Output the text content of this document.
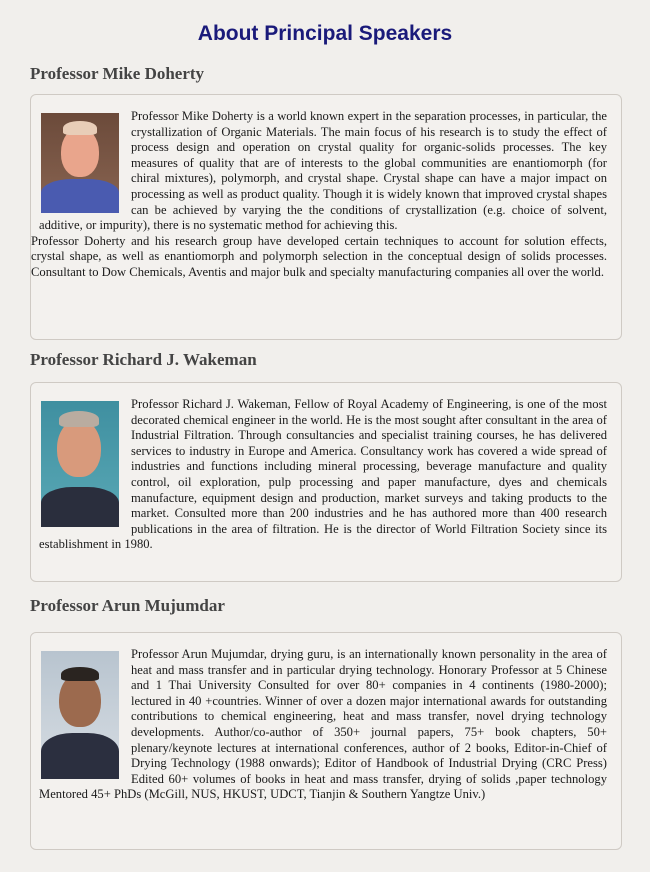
About Principal Speakers
Professor Mike Doherty

Professor Mike Doherty is a world known expert in the separation processes, in particular, the crystallization of Organic Materials. The main focus of his research is to study the effect of process design and operation on crystal quality for organic-solids processes. The key measures of quality that are of interests to the global communities are enantiomorph (for chiral mixtures), polymorph, and crystal shape. Crystal shape can have a major impact on processing as well as product quality. Though it is widely known that improved crystal shapes can be achieved by varying the the conditions of crystallization (e.g. choice of solvent, additive, or impurity), there is no systematic method for achieving this.

Professor Doherty and his research group have developed certain techniques to account for solution effects, crystal shape, as well as enantiomorph and polymorph selection in the conceptual design of solids processes. Consultant to Dow Chemicals, Aventis and major bulk and specialty manufacturing companies all over the world.

Professor Richard J. Wakeman

Professor Richard J. Wakeman, Fellow of Royal Academy of Engineering, is one of the most decorated chemical engineer in the world. He is the most sought after consultant in the area of Industrial Filtration. Through consultancies and specialist training courses, he has delivered services to industry in Europe and America. Consultancy work has covered a wide spread of industries and functions including mineral processing, beverage manufacture and quality control, oil exploration, pulp processing and paper manufacture, dyes and chemicals manufacture, equipment design and production, market surveys and taking products to the market. Consulted more than 200 industries and he has authored more than 400 research publications in the area of filtration. He is the director of World Filtration Society since its establishment in 1980.

Professor Arun Mujumdar

Professor Arun Mujumdar, drying guru, is an internationally known personality in the area of heat and mass transfer and in particular drying technology. Honorary Professor at 5 Chinese and 1 Thai University Consulted for over 80+ companies in 4 continents (1980-2000); lectured in 40 +countries. Winner of over a dozen major international awards for outstanding contributions to chemical engineering, heat and mass transfer, novel drying technology developments. Author/co-author of 350+ journal papers, 75+ book chapters, 50+ plenary/keynote lectures at international conferences, author of 2 books, Editor-in-Chief of Drying Technology (1988 onwards); Editor of Handbook of Industrial Drying (CRC Press) Edited 60+ volumes of books in heat and mass transfer, drying of solids ,paper technology Mentored 45+ PhDs (McGill, NUS, HKUST, UDCT, Tianjin & Southern Yangtze Univ.)
